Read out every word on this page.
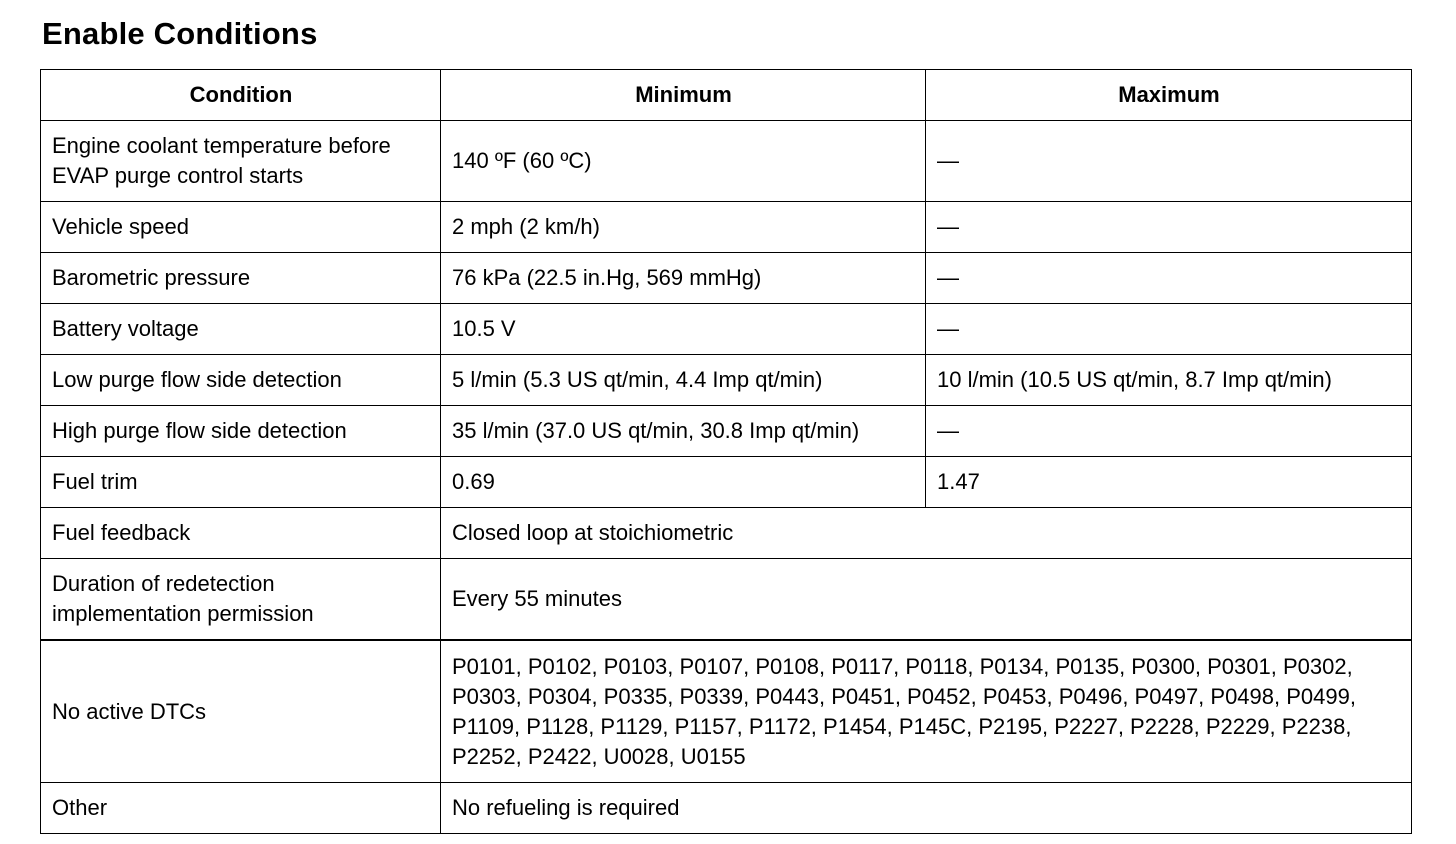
Enable Conditions
Condition	Minimum	Maximum

Engine coolant temperature before EVAP purge control starts	140 ºF (60 ºC)	—
Vehicle speed	2 mph (2 km/h)	—
Barometric pressure	76 kPa (22.5 in.Hg, 569 mmHg)	—
Battery voltage	10.5 V	—
Low purge flow side detection	5 l/min (5.3 US qt/min, 4.4 Imp qt/min)	10 l/min (10.5 US qt/min, 8.7 Imp qt/min)
High purge flow side detection	35 l/min (37.0 US qt/min, 30.8 Imp qt/min)	—
Fuel trim	0.69	1.47
Fuel feedback	Closed loop at stoichiometric	

Duration of redetection implementation permission	Every 55 minutes	
No active DTCs	P0101, P0102, P0103, P0107, P0108, P0117, P0118, P0134, P0135, P0300, P0301, P0302, P0303, P0304, P0335, P0339, P0443, P0451, P0452, P0453, P0496, P0497, P0498, P0499, P1109, P1128, P1129, P1157, P1172, P1454, P145C, P2195, P2227, P2228, P2229, P2238, P2252, P2422, U0028, U0155	

Other	No refueling is required	
